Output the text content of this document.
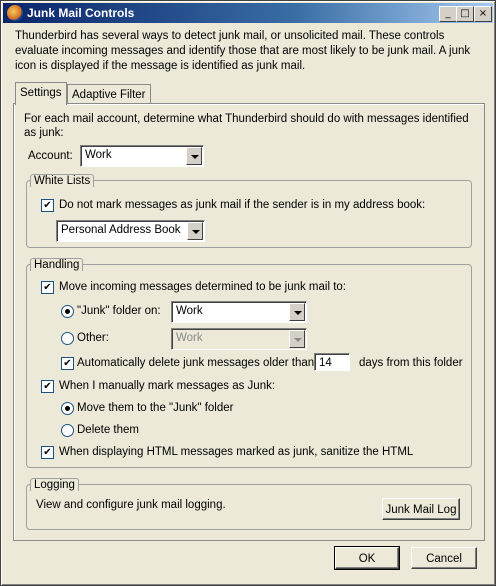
Junk Mail Controls	_ □ ×
Thunderbird has several ways to detect junk mail, or unsolicited mail. These controls evaluate incoming messages and identify those that are most likely to be junk mail. A junk icon is displayed if the message is identified as junk mail.
Settings Adaptive Filter
For each mail account, determine what Thunderbird should do with messages identified as junk:
Account: Work
White Lists
✔ Do not mark messages as junk mail if the sender is in my address book:
Personal Address Book
Handling
✔ Move incoming messages determined to be junk mail to:
"Junk" folder on: Work
Other:	Work
✔ Automatically delete junk messages older than 14	days from this folder
✔ When I manually mark messages as Junk:
Move them to the "Junk" folder
Delete them
✔ When displaying HTML messages marked as junk, sanitize the HTML
Logging
View and configure junk mail logging.	Junk Mail Log
OK	Cancel
